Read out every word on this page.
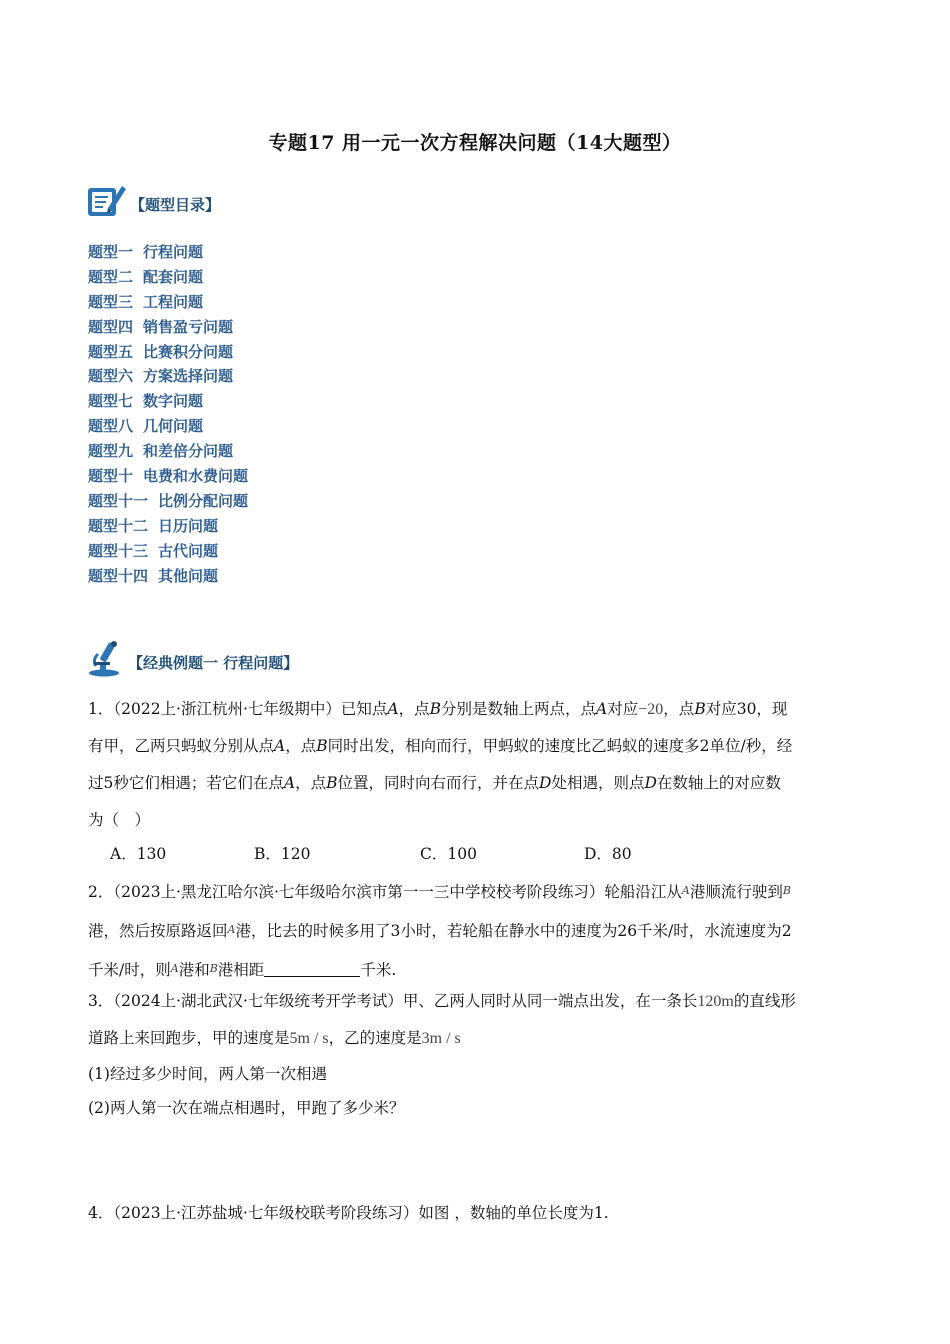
专题17 用一元一次方程解决问题（14大题型）
【题型目录】
题型一 行程问题
题型二 配套问题
题型三 工程问题
题型四 销售盈亏问题
题型五 比赛积分问题
题型六 方案选择问题
题型七 数字问题
题型八 几何问题
题型九 和差倍分问题
题型十 电费和水费问题
题型十一 比例分配问题
题型十二 日历问题
题型十三 古代问题
题型十四 其他问题
【经典例题一 行程问题】

1．（2022上·浙江杭州·七年级期中）已知点A，点B分别是数轴上两点，点A对应−20，点B对应30，现

有甲，乙两只蚂蚁分别从点A，点B同时出发，相向而行，甲蚂蚁的速度比乙蚂蚁的速度多2单位/秒，经

过5秒它们相遇；若它们在点A，点B位置，同时向右而行，并在点D处相遇，则点D在数轴上的对应数

为（　）

A．130	B．120	C．100	D．80

2．（2023上·黑龙江哈尔滨·七年级哈尔滨市第一一三中学校校考阶段练习）轮船沿江从A港顺流行驶到B

港，然后按原路返回A港，比去的时候多用了3小时，若轮船在静水中的速度为26千米/时，水流速度为2

千米/时，则A港和B港相距	千米.

3．（2024上·湖北武汉·七年级统考开学考试）甲、乙两人同时从同一端点出发，在一条长120m的直线形

道路上来回跑步，甲的速度是5m / s，乙的速度是3m / s

(1)经过多少时间，两人第一次相遇

(2)两人第一次在端点相遇时，甲跑了多少米？

4．（2023上·江苏盐城·七年级校联考阶段练习）如图 ，数轴的单位长度为1.
